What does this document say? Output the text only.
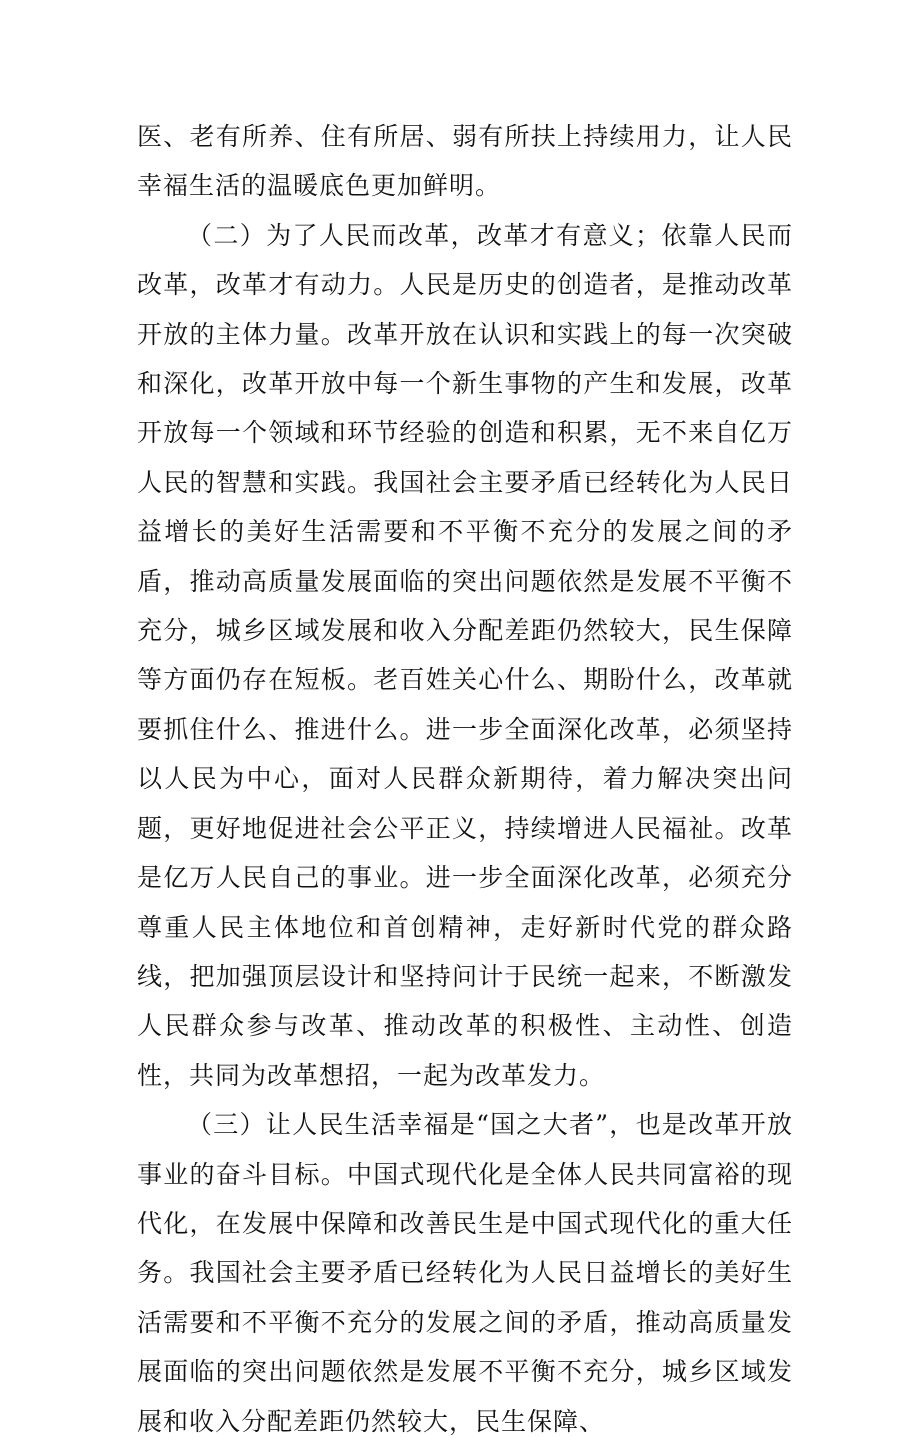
医、老有所养、住有所居、弱有所扶上持续用力，让人民幸福生活的温暖底色更加鲜明。

（二）为了人民而改革，改革才有意义；依靠人民而改革，改革才有动力。人民是历史的创造者，是推动改革开放的主体力量。改革开放在认识和实践上的每一次突破和深化，改革开放中每一个新生事物的产生和发展，改革开放每一个领域和环节经验的创造和积累，无不来自亿万人民的智慧和实践。我国社会主要矛盾已经转化为人民日益增长的美好生活需要和不平衡不充分的发展之间的矛盾，推动高质量发展面临的突出问题依然是发展不平衡不充分，城乡区域发展和收入分配差距仍然较大，民生保障等方面仍存在短板。老百姓关心什么、期盼什么，改革就要抓住什么、推进什么。进一步全面深化改革，必须坚持以人民为中心，面对人民群众新期待，着力解决突出问题，更好地促进社会公平正义，持续增进人民福祉。改革是亿万人民自己的事业。进一步全面深化改革，必须充分尊重人民主体地位和首创精神，走好新时代党的群众路线，把加强顶层设计和坚持问计于民统一起来，不断激发人民群众参与改革、推动改革的积极性、主动性、创造性，共同为改革想招，一起为改革发力。

（三）让人民生活幸福是“国之大者”，也是改革开放事业的奋斗目标。中国式现代化是全体人民共同富裕的现代化，在发展中保障和改善民生是中国式现代化的重大任务。我国社会主要矛盾已经转化为人民日益增长的美好生活需要和不平衡不充分的发展之间的矛盾，推动高质量发展面临的突出问题依然是发展不平衡不充分，城乡区域发展和收入分配差距仍然较大，民生保障、
